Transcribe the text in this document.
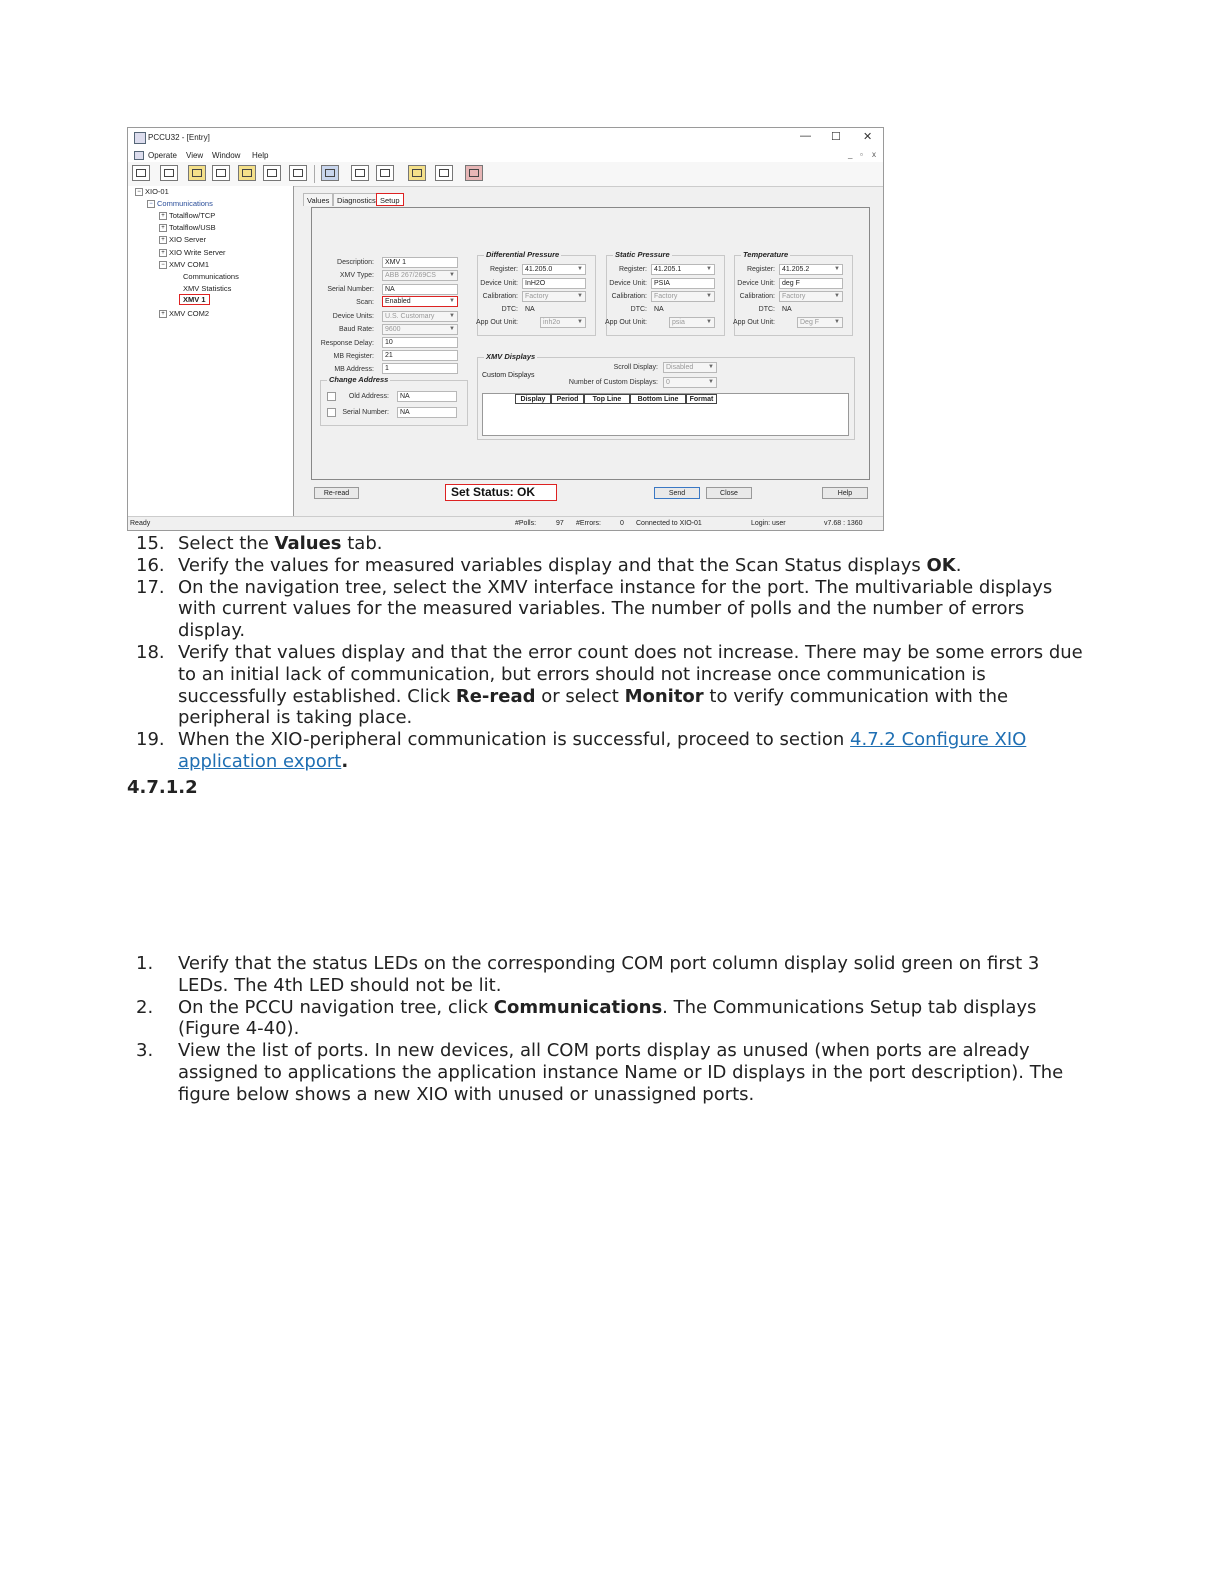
PCCU32 - [Entry]	— ☐ ✕
Operate View Window Help	_ ▫ x
− XIO-01
− Communications
+ Totalflow/TCP
+ Totalflow/USB
+ XIO Server
+ XIO Write Server
− XMV COM1
Communications
XMV Statistics
XMV 1
+ XMV COM2
Values	Diagnostics Setup
Description:	XMV 1
XMV Type:	ABB 267/269CS ▼
Serial Number:	NA
Scan:	Enabled	▼
Device Units:	U.S. Customary ▼
Baud Rate:	9600	▼
Response Delay:	10
MB Register:	21
MB Address:	1
Change Address
Old Address:	NA
Serial Number:	NA
Differential Pressure
Register:	41.205.0	▼
Device Unit:	InH2O
Calibration:	Factory	▼
DTC:	NA
App Out Unit:	inh2o	▼
Static Pressure
Register:	41.205.1	▼
Device Unit:	PSIA
Calibration:	Factory	▼
DTC:	NA
App Out Unit:	psia	▼
Temperature
Register:	41.205.2	▼
Device Unit:	deg F
Calibration:	Factory	▼
DTC:	NA
App Out Unit:	Deg F ▼
XMV Displays
Custom Displays
Scroll Display:	Disabled ▼
Number of Custom Displays:	0	▼
Display	Period	Top Line	Bottom Line	Format
Re-read	Set Status: OK	Send	Close	Help
Ready	#Polls:	97 #Errors:	0 Connected to XIO-01	Login: user	v7.68 : 1360
15. Select the Values tab.
16. Verify the values for measured variables display and that the Scan Status displays OK.
17. On the navigation tree, select the XMV interface instance for the port. The multivariable displays with current values for the measured variables. The number of polls and the number of errors display.
18. Verify that values display and that the error count does not increase. There may be some errors due to an initial lack of communication, but errors should not increase once communication is successfully established. Click Re-read or select Monitor to verify communication with the peripheral is taking place.
19. When the XIO-peripheral communication is successful, proceed to section 4.7.2 Configure XIO application export.
4.7.1.2
1. Verify that the status LEDs on the corresponding COM port column display solid green on first 3 LEDs. The 4th LED should not be lit.
2. On the PCCU navigation tree, click Communications. The Communications Setup tab displays (Figure 4-40).
3. View the list of ports. In new devices, all COM ports display as unused (when ports are already assigned to applications the application instance Name or ID displays in the port description). The figure below shows a new XIO with unused or unassigned ports.
